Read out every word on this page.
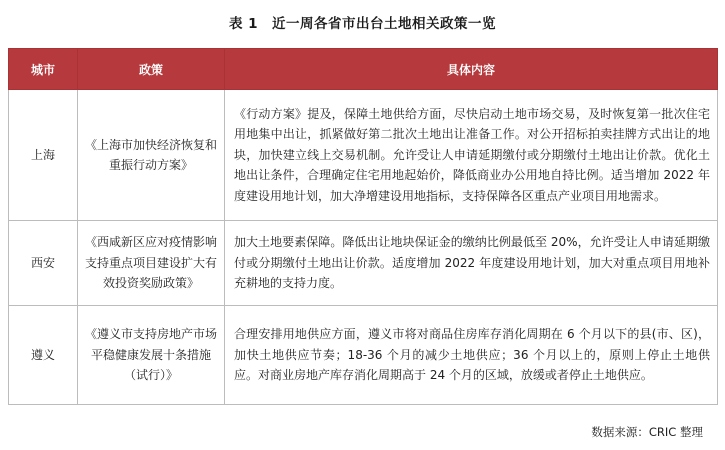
表 1　近一周各省市出台土地相关政策一览
城市	政策	具体内容
上海	《上海市加快经济恢复和重振行动方案》	《行动方案》提及，保障土地供给方面，尽快启动土地市场交易，及时恢复第一批次住宅用地集中出让，抓紧做好第二批次土地出让准备工作。对公开招标拍卖挂牌方式出让的地块，加快建立线上交易机制。允许受让人申请延期缴付或分期缴付土地出让价款。优化土地出让条件，合理确定住宅用地起始价，降低商业办公用地自持比例。适当增加 2022 年度建设用地计划，加大净增建设用地指标，支持保障各区重点产业项目用地需求。
西安	《西咸新区应对疫情影响支持重点项目建设扩大有效投资奖励政策》	加大土地要素保障。降低出让地块保证金的缴纳比例最低至 20%，允许受让人申请延期缴付或分期缴付土地出让价款。适度增加 2022 年度建设用地计划，加大对重点项目用地补充耕地的支持力度。
遵义	《遵义市支持房地产市场平稳健康发展十条措施（试行）》	合理安排用地供应方面，遵义市将对商品住房库存消化周期在 6 个月以下的县(市、区)，加快土地供应节奏；18-36 个月的减少土地供应；36 个月以上的，原则上停止土地供应。对商业房地产库存消化周期高于 24 个月的区域，放缓或者停止土地供应。
数据来源：CRIC 整理
